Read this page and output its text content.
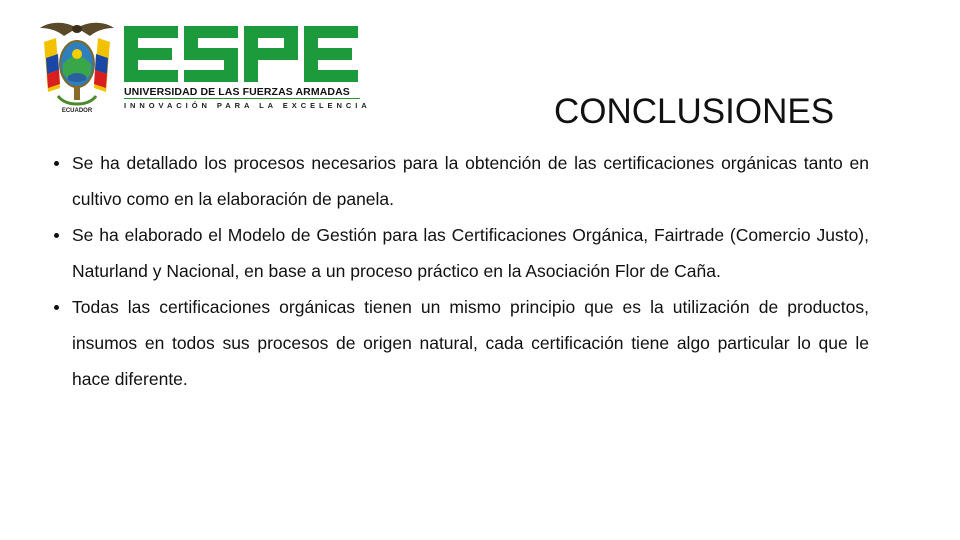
ECUADOR
UNIVERSIDAD DE LAS FUERZAS ARMADAS
INNOVACIÓN PARA LA EXCELENCIA	CONCLUSIONES
Se ha detallado los procesos necesarios para la obtención de las certificaciones orgánicas tanto en cultivo como en la elaboración de panela.
Se ha elaborado el Modelo de Gestión para las Certificaciones Orgánica, Fairtrade (Comercio Justo), Naturland y Nacional, en base a un proceso práctico en la Asociación Flor de Caña.
Todas las certificaciones orgánicas tienen un mismo principio que es la utilización de productos, insumos en todos sus procesos de origen natural, cada certificación tiene algo particular lo que le hace diferente.
